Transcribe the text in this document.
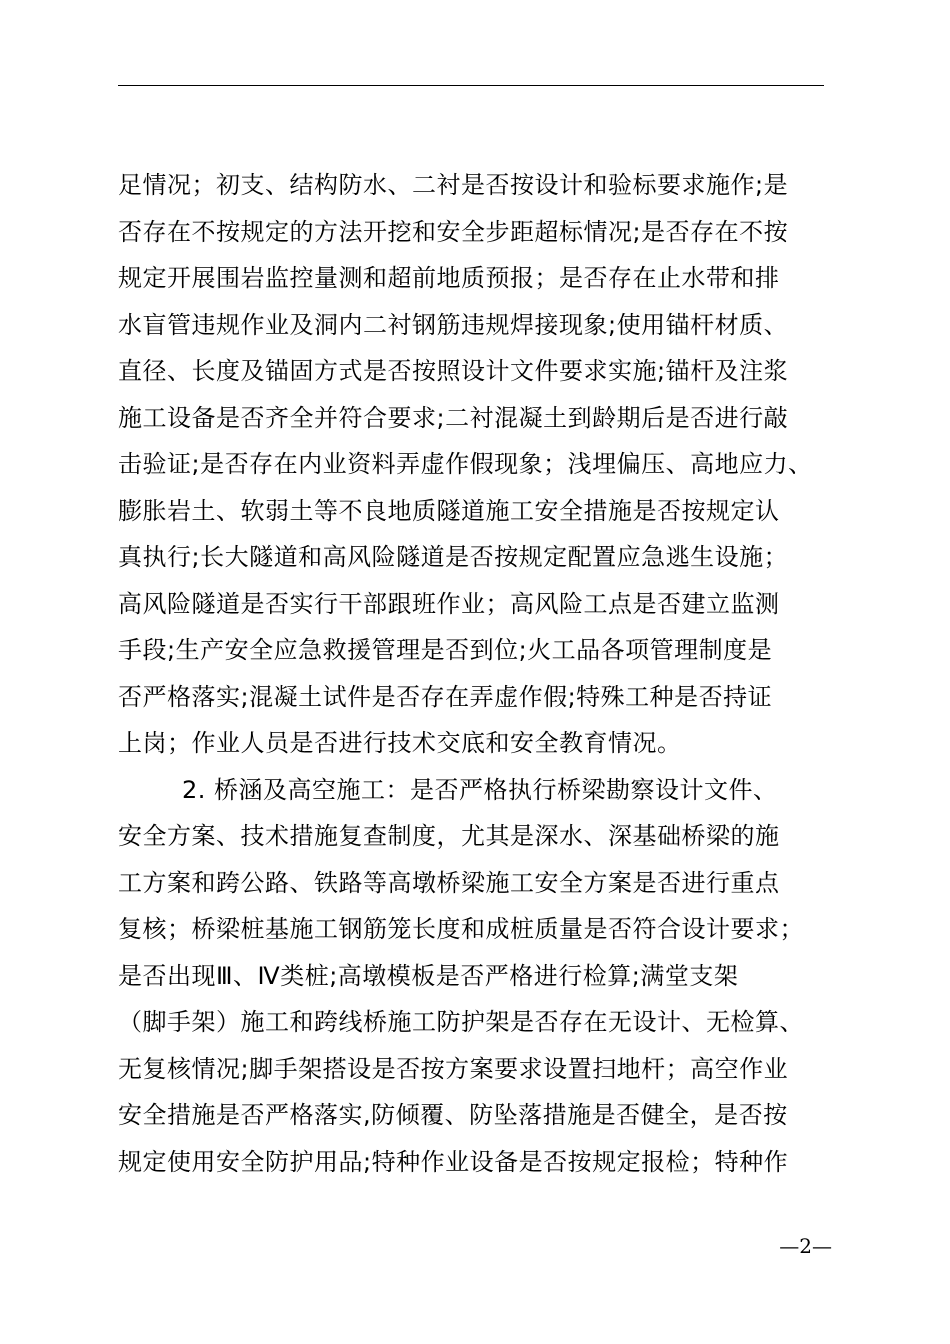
足情况；初支、结构防水、二衬是否按设计和验标要求施作;是
否存在不按规定的方法开挖和安全步距超标情况;是否存在不按
规定开展围岩监控量测和超前地质预报；是否存在止水带和排
水盲管违规作业及洞内二衬钢筋违规焊接现象;使用锚杆材质、
直径、长度及锚固方式是否按照设计文件要求实施;锚杆及注浆
施工设备是否齐全并符合要求;二衬混凝土到龄期后是否进行敲
击验证;是否存在内业资料弄虚作假现象；浅埋偏压、高地应力、
膨胀岩土、软弱土等不良地质隧道施工安全措施是否按规定认
真执行;长大隧道和高风险隧道是否按规定配置应急逃生设施；
高风险隧道是否实行干部跟班作业；高风险工点是否建立监测
手段;生产安全应急救援管理是否到位;火工品各项管理制度是
否严格落实;混凝土试件是否存在弄虚作假;特殊工种是否持证
上岗；作业人员是否进行技术交底和安全教育情况。
2. 桥涵及高空施工：是否严格执行桥梁勘察设计文件、
安全方案、技术措施复查制度，尤其是深水、深基础桥梁的施
工方案和跨公路、铁路等高墩桥梁施工安全方案是否进行重点
复核；桥梁桩基施工钢筋笼长度和成桩质量是否符合设计要求；
是否出现Ⅲ、Ⅳ类桩;高墩模板是否严格进行检算;满堂支架
（脚手架）施工和跨线桥施工防护架是否存在无设计、无检算、
无复核情况;脚手架搭设是否按方案要求设置扫地杆；高空作业
安全措施是否严格落实,防倾覆、防坠落措施是否健全，是否按
规定使用安全防护用品;特种作业设备是否按规定报检；特种作
—2—
